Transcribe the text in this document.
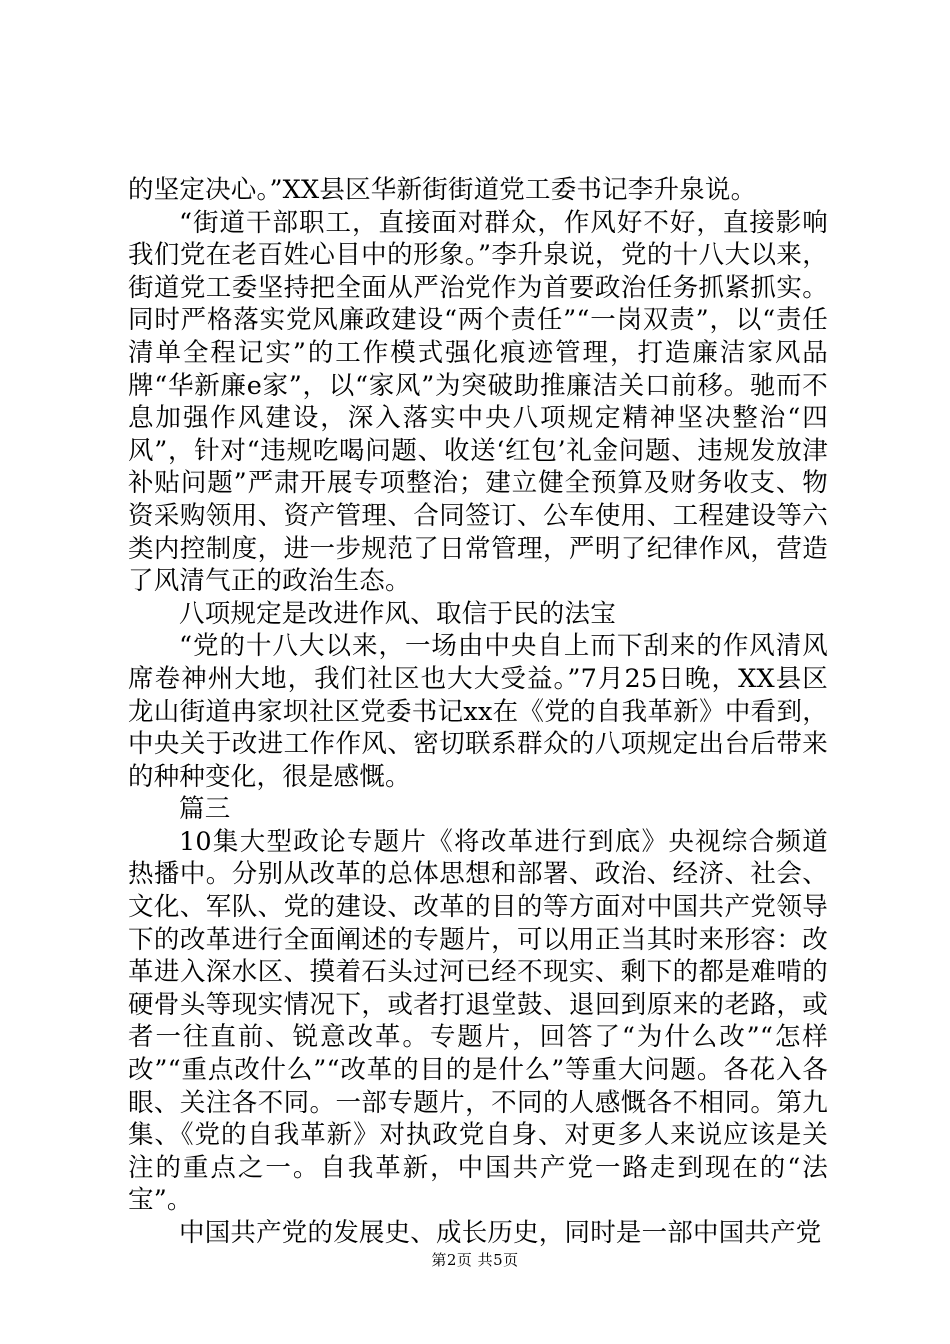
的坚定决心。”XX县区华新街街道党工委书记李升泉说。

“街道干部职工，直接面对群众，作风好不好，直接影响我们党在老百姓心目中的形象。”李升泉说，党的十八大以来，街道党工委坚持把全面从严治党作为首要政治任务抓紧抓实。同时严格落实党风廉政建设“两个责任”“一岗双责”，以“责任清单全程记实”的工作模式强化痕迹管理，打造廉洁家风品牌“华新廉e家”，以“家风”为突破助推廉洁关口前移。驰而不息加强作风建设，深入落实中央八项规定精神坚决整治“四风”，针对“违规吃喝问题、收送‘红包’礼金问题、违规发放津补贴问题”严肃开展专项整治；建立健全预算及财务收支、物资采购领用、资产管理、合同签订、公车使用、工程建设等六类内控制度，进一步规范了日常管理，严明了纪律作风，营造了风清气正的政治生态。

八项规定是改进作风、取信于民的法宝

“党的十八大以来，一场由中央自上而下刮来的作风清风席卷神州大地，我们社区也大大受益。”7月25日晚，XX县区龙山街道冉家坝社区党委书记xx在《党的自我革新》中看到，中央关于改进工作作风、密切联系群众的八项规定出台后带来的种种变化，很是感慨。

篇三

10集大型政论专题片《将改革进行到底》央视综合频道热播中。分别从改革的总体思想和部署、政治、经济、社会、文化、军队、党的建设、改革的目的等方面对中国共产党领导下的改革进行全面阐述的专题片，可以用正当其时来形容：改革进入深水区、摸着石头过河已经不现实、剩下的都是难啃的硬骨头等现实情况下，或者打退堂鼓、退回到原来的老路，或者一往直前、锐意改革。专题片，回答了“为什么改”“怎样改”“重点改什么”“改革的目的是什么”等重大问题。各花入各眼、关注各不同。一部专题片，不同的人感慨各不相同。第九集、《党的自我革新》对执政党自身、对更多人来说应该是关注的重点之一。自我革新，中国共产党一路走到现在的“法宝”。

中国共产党的发展史、成长历史，同时是一部中国共产党

第2页 共5页
